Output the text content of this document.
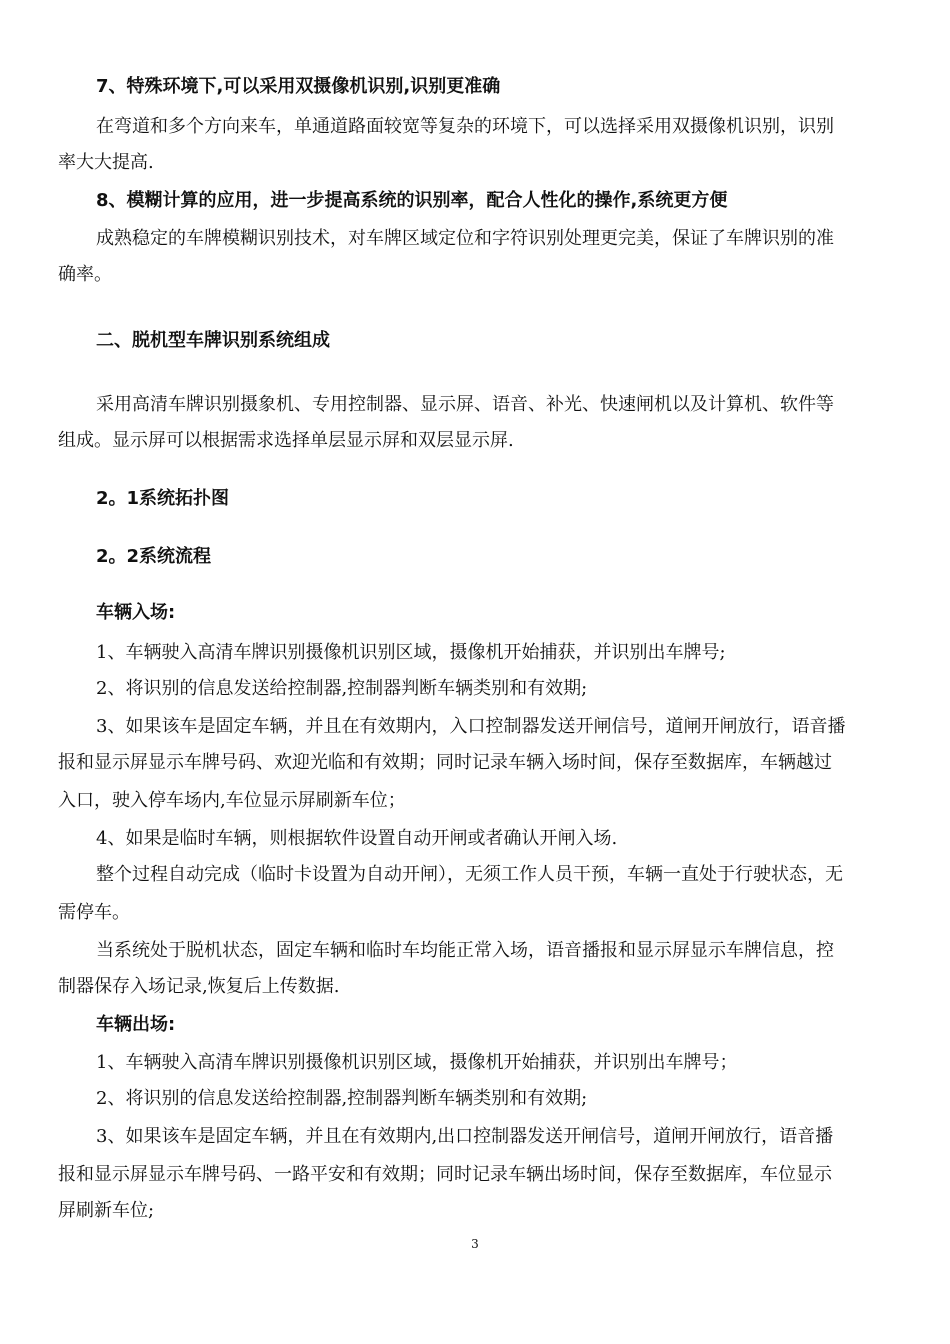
7、特殊环境下,可以采用双摄像机识别,识别更准确
在弯道和多个方向来车，单通道路面较宽等复杂的环境下，可以选择采用双摄像机识别，识别
率大大提高.
8、模糊计算的应用，进一步提高系统的识别率，配合人性化的操作,系统更方便
成熟稳定的车牌模糊识别技术，对车牌区域定位和字符识别处理更完美，保证了车牌识别的准
确率。
二、脱机型车牌识别系统组成
采用高清车牌识别摄象机、专用控制器、显示屏、语音、补光、快速闸机以及计算机、软件等
组成。显示屏可以根据需求选择单层显示屏和双层显示屏.
2。1系统拓扑图
2。2系统流程
车辆入场:
1、车辆驶入高清车牌识别摄像机识别区域，摄像机开始捕获，并识别出车牌号;
2、将识别的信息发送给控制器,控制器判断车辆类别和有效期;
3、如果该车是固定车辆，并且在有效期内，入口控制器发送开闸信号，道闸开闸放行，语音播
报和显示屏显示车牌号码、欢迎光临和有效期；同时记录车辆入场时间，保存至数据库，车辆越过
入口，驶入停车场内,车位显示屏刷新车位；
4、如果是临时车辆，则根据软件设置自动开闸或者确认开闸入场.
整个过程自动完成（临时卡设置为自动开闸），无须工作人员干预，车辆一直处于行驶状态，无
需停车。
当系统处于脱机状态，固定车辆和临时车均能正常入场，语音播报和显示屏显示车牌信息，控
制器保存入场记录,恢复后上传数据.
车辆出场:
1、车辆驶入高清车牌识别摄像机识别区域，摄像机开始捕获，并识别出车牌号；
2、将识别的信息发送给控制器,控制器判断车辆类别和有效期;
3、如果该车是固定车辆，并且在有效期内,出口控制器发送开闸信号，道闸开闸放行，语音播
报和显示屏显示车牌号码、一路平安和有效期；同时记录车辆出场时间，保存至数据库，车位显示
屏刷新车位;
3
